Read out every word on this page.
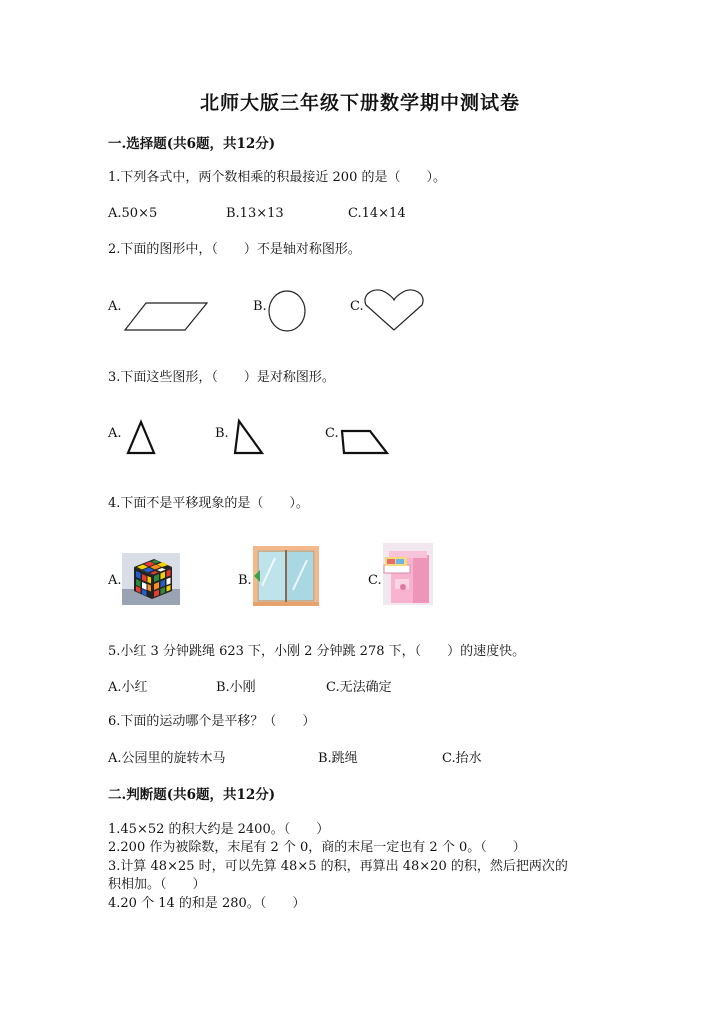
北师大版三年级下册数学期中测试卷
一.选择题(共6题，共12分)
1.下列各式中，两个数相乘的积最接近 200 的是（　　）。
A.50×5	B.13×13	C.14×14
2.下面的图形中，（　　）不是轴对称图形。
A.	B.	C.
3.下面这些图形，（　　）是对称图形。
A.	B.	C.
4.下面不是平移现象的是（　　）。
A.	B.	C.
5.小红 3 分钟跳绳 623 下，小刚 2 分钟跳 278 下，（　　）的速度快。
A.小红	B.小刚	C.无法确定
6.下面的运动哪个是平移？（　　）
A.公园里的旋转木马	B.跳绳	C.抬水
二.判断题(共6题，共12分)
1.45×52 的积大约是 2400。（　　）
2.200 作为被除数，末尾有 2 个 0，商的末尾一定也有 2 个 0。（　　）
3.计算 48×25 时，可以先算 48×5 的积，再算出 48×20 的积，然后把两次的
积相加。（　　）
4.20 个 14 的和是 280。（　　）
